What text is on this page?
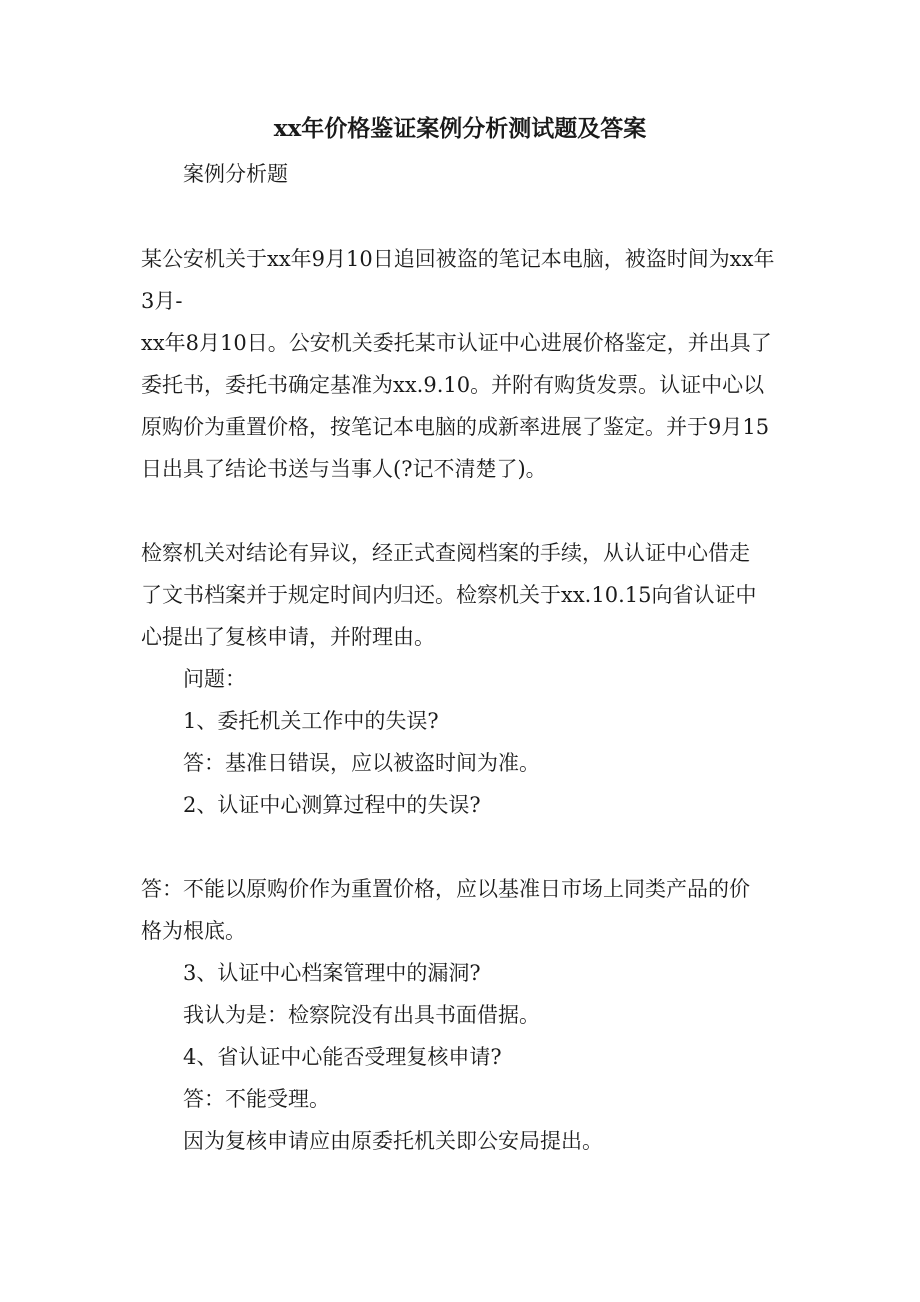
xx年价格鉴证案例分析测试题及答案

案例分析题

某公安机关于xx年9月10日追回被盗的笔记本电脑，被盗时间为xx年

3月-

xx年8月10日。公安机关委托某市认证中心进展价格鉴定，并出具了

委托书，委托书确定基准为xx.9.10。并附有购货发票。认证中心以

原购价为重置价格，按笔记本电脑的成新率进展了鉴定。并于9月15

日出具了结论书送与当事人(?记不清楚了)。

检察机关对结论有异议，经正式查阅档案的手续，从认证中心借走

了文书档案并于规定时间内归还。检察机关于xx.10.15向省认证中

心提出了复核申请，并附理由。

问题：

1、委托机关工作中的失误?

答：基准日错误，应以被盗时间为准。

2、认证中心测算过程中的失误?

答：不能以原购价作为重置价格，应以基准日市场上同类产品的价

格为根底。

3、认证中心档案管理中的漏洞?

我认为是：检察院没有出具书面借据。

4、省认证中心能否受理复核申请?

答：不能受理。

因为复核申请应由原委托机关即公安局提出。
